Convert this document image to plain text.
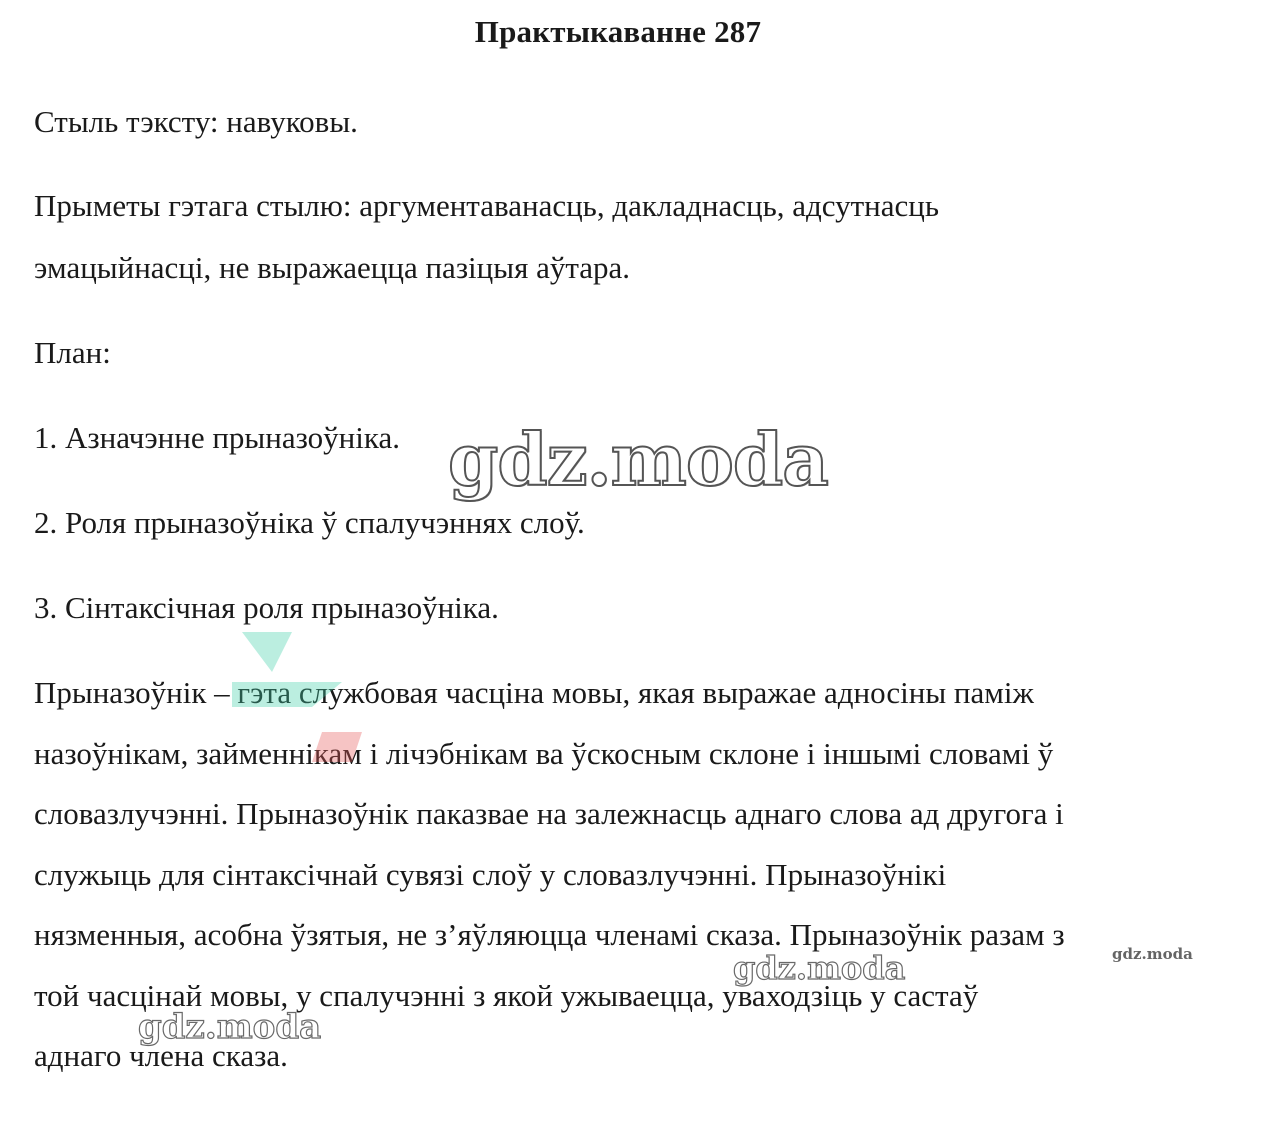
Практыкаванне 287
Стыль тэксту: навуковы.
Прыметы гэтага стылю: аргументаванасць, дакладнасць, адсутнасць
эмацыйнасці, не выражаецца пазіцыя аўтара.
План:
1. Азначэнне прыназоўніка.
2. Роля прыназоўніка ў спалучэннях слоў.
3. Сінтаксічная роля прыназоўніка.
Прыназоўнік – гэта службовая часціна мовы, якая выражае адносіны паміж
назоўнікам, займеннікам і лічэбнікам ва ўскосным склоне і іншымі словамі ў
словазлучэнні. Прыназоўнік паказвае на залежнасць аднаго слова ад другога і
служыць для сінтаксічнай сувязі слоў у словазлучэнні. Прыназоўнікі
нязменныя, асобна ўзятыя, не з’яўляюцца членамі сказа. Прыназоўнік разам з
той часцінай мовы, у спалучэнні з якой ужываецца, уваходзіць у састаў
аднаго члена сказа.
gdz.moda
gdz.moda
gdz.moda
gdz.moda
